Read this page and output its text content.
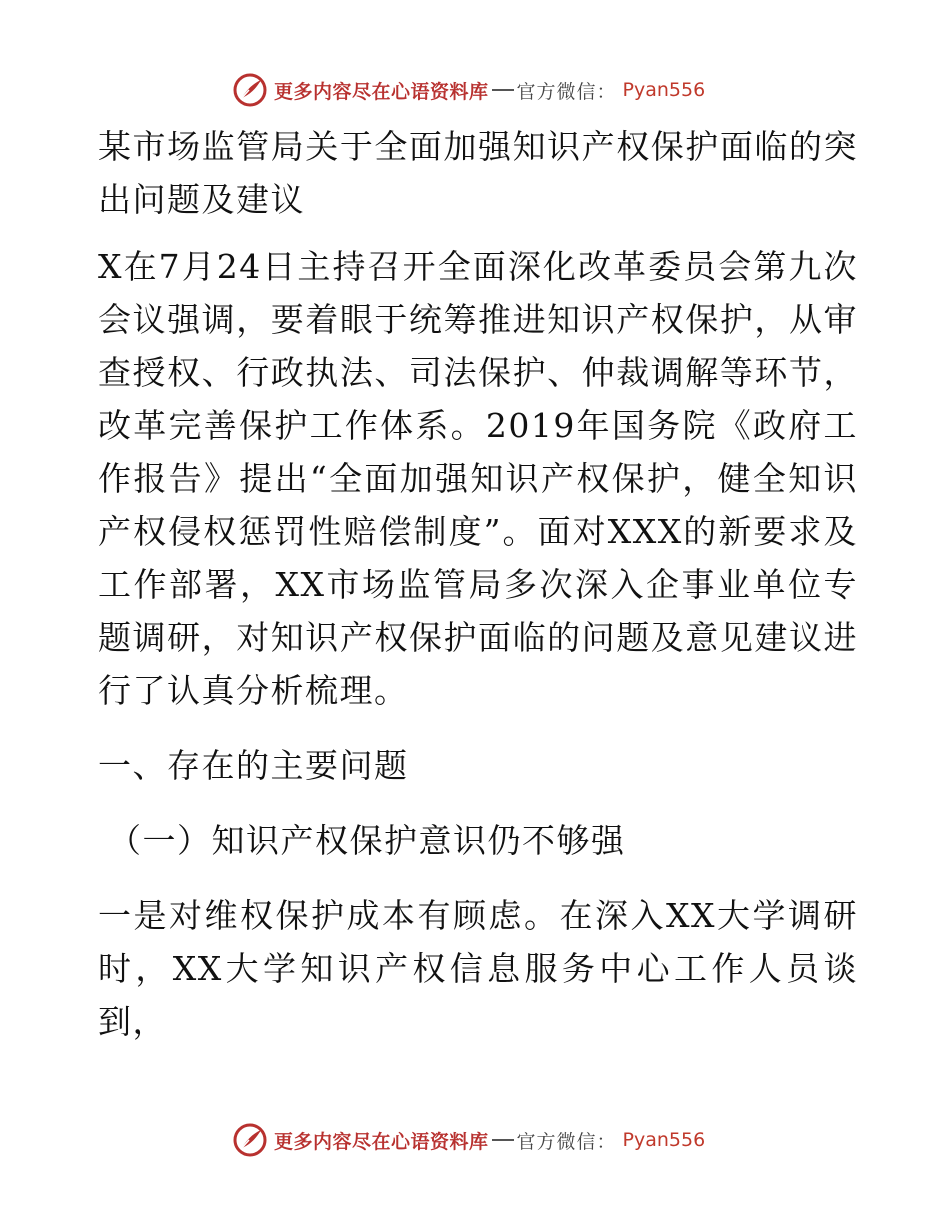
更多内容尽在心语资料库 官方微信： Pyan556

某市场监管局关于全面加强知识产权保护面临的突出问题及建议

X在7月24日主持召开全面深化改革委员会第九次会议强调，要着眼于统筹推进知识产权保护，从审查授权、行政执法、司法保护、仲裁调解等环节，改革完善保护工作体系。2019年国务院《政府工作报告》提出“全面加强知识产权保护，健全知识产权侵权惩罚性赔偿制度”。面对XXX的新要求及工作部署，XX市场监管局多次深入企事业单位专题调研，对知识产权保护面临的问题及意见建议进行了认真分析梳理。

一、存在的主要问题

（一）知识产权保护意识仍不够强

一是对维权保护成本有顾虑。在深入XX大学调研时，XX大学知识产权信息服务中心工作人员谈到，

更多内容尽在心语资料库 官方微信： Pyan556
